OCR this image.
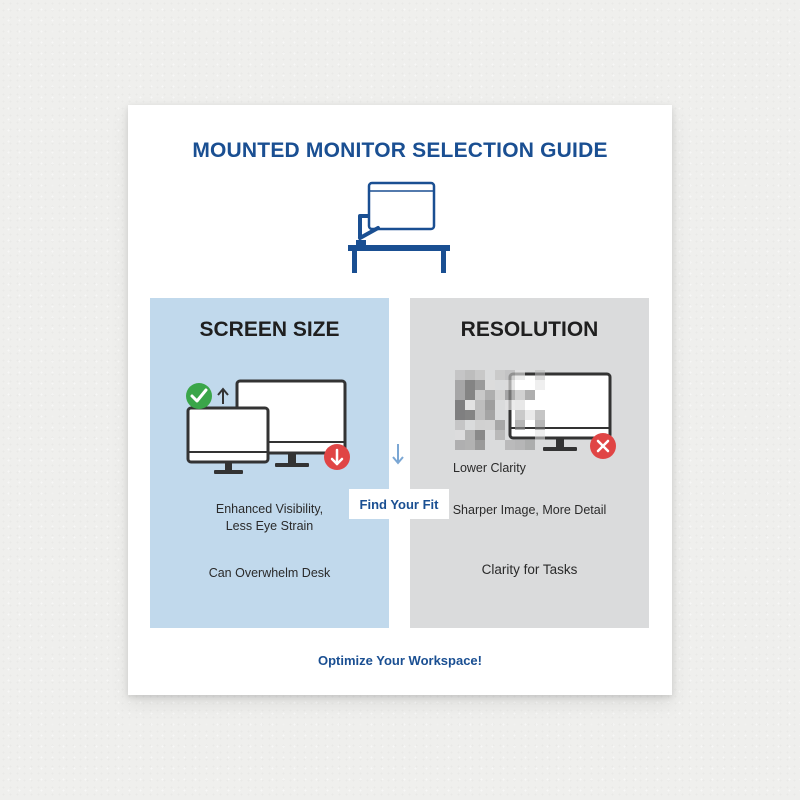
MOUNTED MONITOR SELECTION GUIDE
SCREEN SIZE
Enhanced Visibility,
Less Eye Strain
Can Overwhelm Desk
RESOLUTION
Lower Clarity
Sharper Image, More Detail
Clarity for Tasks
Find Your Fit
Optimize Your Workspace!
